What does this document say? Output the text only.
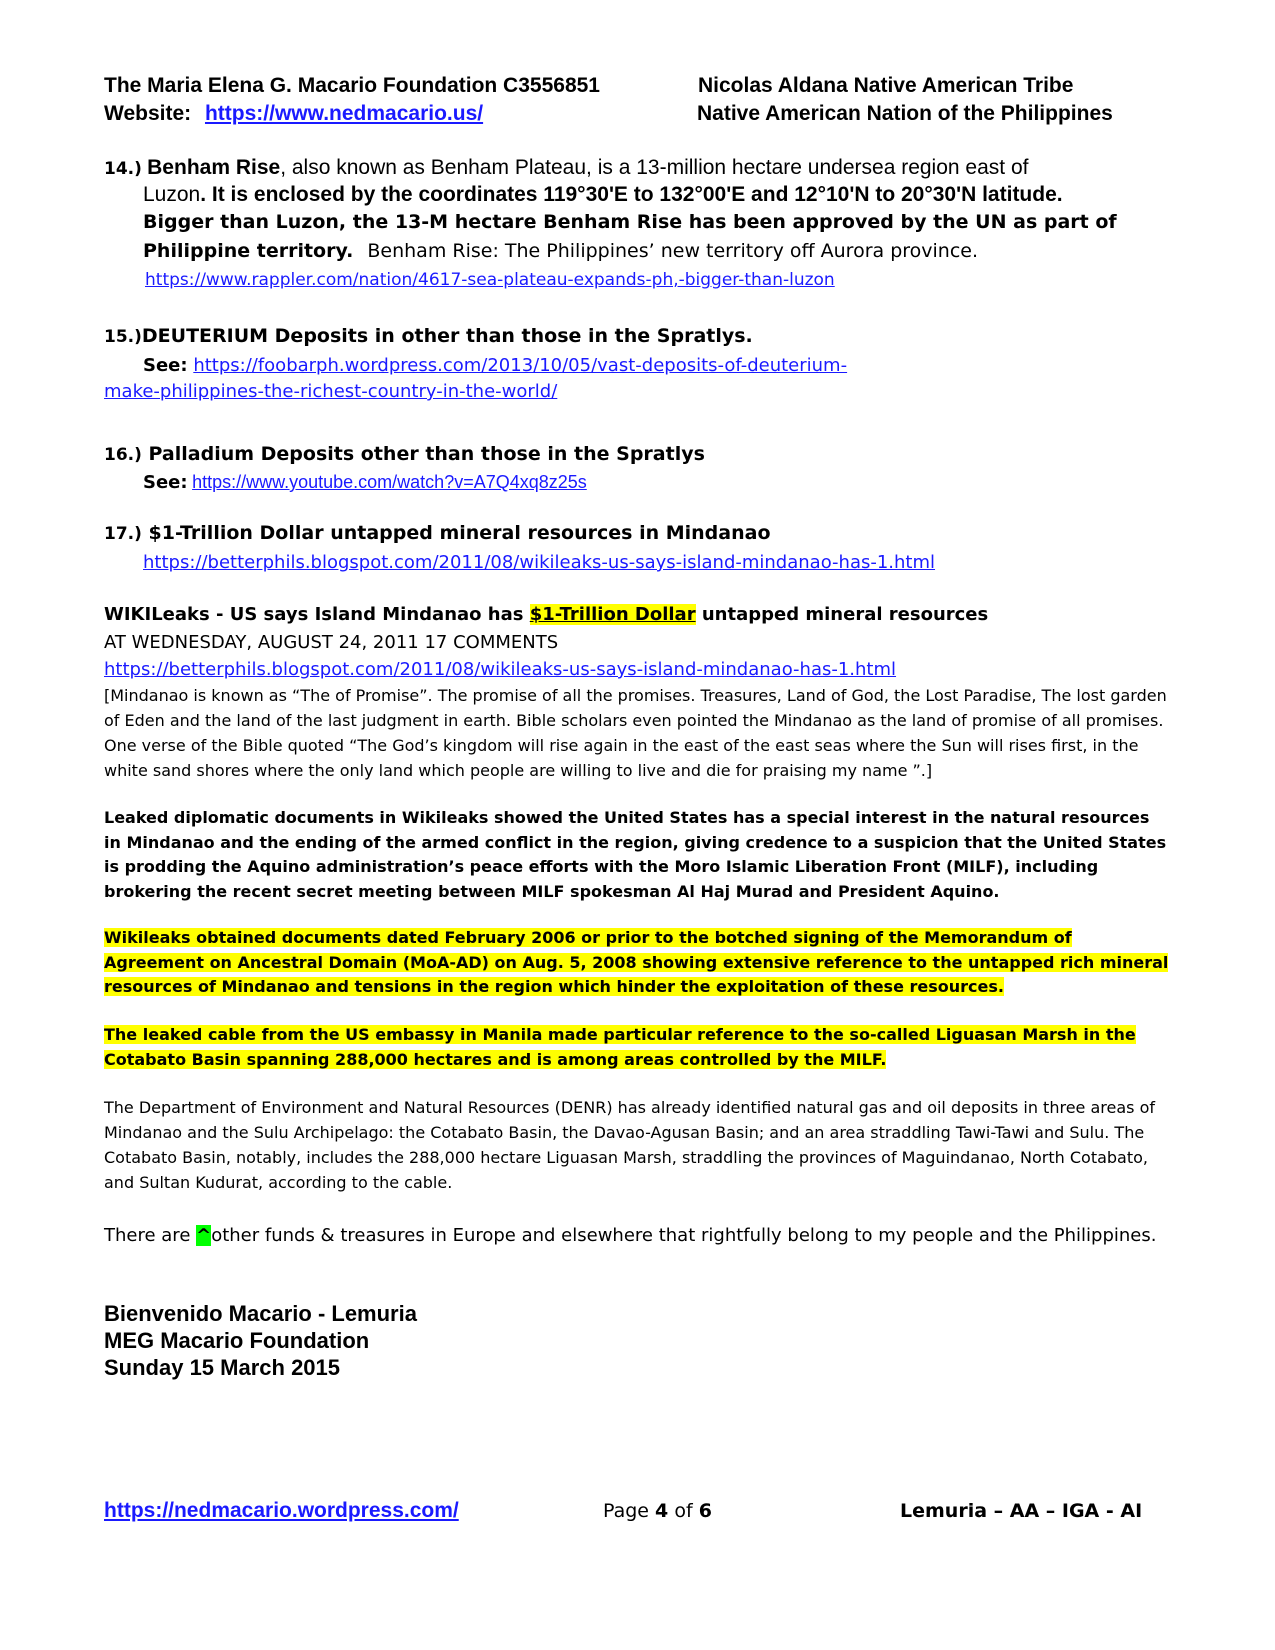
The Maria Elena G. Macario Foundation C3556851	Nicolas Aldana Native American Tribe
Website: https://www.nedmacario.us/	Native American Nation of the Philippines
14.) Benham Rise, also known as Benham Plateau, is a 13-million hectare undersea region east of
Luzon. It is enclosed by the coordinates 119°30'E to 132°00'E and 12°10'N to 20°30'N latitude.
Bigger than Luzon, the 13-M hectare Benham Rise has been approved by the UN as part of
Philippine territory. Benham Rise: The Philippines’ new territory off Aurora province.
https://www.rappler.com/nation/4617-sea-plateau-expands-ph,-bigger-than-luzon
15.)DEUTERIUM Deposits in other than those in the Spratlys.
See: https://foobarph.wordpress.com/2013/10/05/vast-deposits-of-deuterium-
make-philippines-the-richest-country-in-the-world/
16.) Palladium Deposits other than those in the Spratlys
See: https://www.youtube.com/watch?v=A7Q4xq8z25s
17.) $1-Trillion Dollar untapped mineral resources in Mindanao
https://betterphils.blogspot.com/2011/08/wikileaks-us-says-island-mindanao-has-1.html
WIKILeaks - US says Island Mindanao has $1-Trillion Dollar untapped mineral resources
AT WEDNESDAY, AUGUST 24, 2011 17 COMMENTS
https://betterphils.blogspot.com/2011/08/wikileaks-us-says-island-mindanao-has-1.html
[Mindanao is known as “The of Promise”. The promise of all the promises. Treasures, Land of God, the Lost Paradise, The lost garden of Eden and the land of the last judgment in earth. Bible scholars even pointed the Mindanao as the land of promise of all promises. One verse of the Bible quoted “The God’s kingdom will rise again in the east of the east seas where the Sun will rises first, in the white sand shores where the only land which people are willing to live and die for praising my name ”.]
Leaked diplomatic documents in Wikileaks showed the United States has a special interest in the natural resources in Mindanao and the ending of the armed conflict in the region, giving credence to a suspicion that the United States is prodding the Aquino administration’s peace efforts with the Moro Islamic Liberation Front (MILF), including brokering the recent secret meeting between MILF spokesman Al Haj Murad and President Aquino.
Wikileaks obtained documents dated February 2006 or prior to the botched signing of the Memorandum of Agreement on Ancestral Domain (MoA-AD) on Aug. 5, 2008 showing extensive reference to the untapped rich mineral resources of Mindanao and tensions in the region which hinder the exploitation of these resources.
The leaked cable from the US embassy in Manila made particular reference to the so-called Liguasan Marsh in the Cotabato Basin spanning 288,000 hectares and is among areas controlled by the MILF.
The Department of Environment and Natural Resources (DENR) has already identified natural gas and oil deposits in three areas of Mindanao and the Sulu Archipelago: the Cotabato Basin, the Davao-Agusan Basin; and an area straddling Tawi-Tawi and Sulu. The Cotabato Basin, notably, includes the 288,000 hectare Liguasan Marsh, straddling the provinces of Maguindanao, North Cotabato, and Sultan Kudurat, according to the cable.
There are ^other funds & treasures in Europe and elsewhere that rightfully belong to my people and the Philippines.
Bienvenido Macario - Lemuria
MEG Macario Foundation
Sunday 15 March 2015
https://nedmacario.wordpress.com/	Page 4 of 6	Lemuria – AA – IGA - AI
